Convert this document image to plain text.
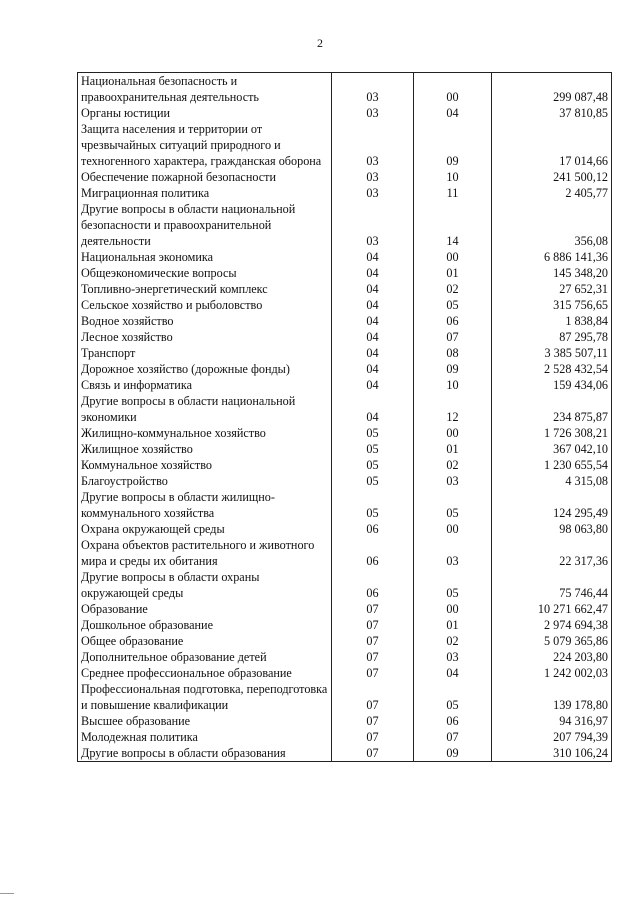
2
Национальная безопасность и правоохранительная деятельность	03	00	299 087,48
Органы юстиции	03	04	37 810,85
Защита населения и территории от чрезвычайных ситуаций природного и техногенного характера, гражданская оборона	03	09	17 014,66
Обеспечение пожарной безопасности	03	10	241 500,12
Миграционная политика	03	11	2 405,77
Другие вопросы в области национальной безопасности и правоохранительной деятельности	03	14	356,08
Национальная экономика	04	00	6 886 141,36
Общеэкономические вопросы	04	01	145 348,20
Топливно-энергетический комплекс	04	02	27 652,31
Сельское хозяйство и рыболовство	04	05	315 756,65
Водное хозяйство	04	06	1 838,84
Лесное хозяйство	04	07	87 295,78
Транспорт	04	08	3 385 507,11
Дорожное хозяйство (дорожные фонды)	04	09	2 528 432,54
Связь и информатика	04	10	159 434,06
Другие вопросы в области национальной экономики	04	12	234 875,87
Жилищно-коммунальное хозяйство	05	00	1 726 308,21
Жилищное хозяйство	05	01	367 042,10
Коммунальное хозяйство	05	02	1 230 655,54
Благоустройство	05	03	4 315,08
Другие вопросы в области жилищно-коммунального хозяйства	05	05	124 295,49
Охрана окружающей среды	06	00	98 063,80
Охрана объектов растительного и животного мира и среды их обитания	06	03	22 317,36
Другие вопросы в области охраны окружающей среды	06	05	75 746,44
Образование	07	00	10 271 662,47
Дошкольное образование	07	01	2 974 694,38
Общее образование	07	02	5 079 365,86
Дополнительное образование детей	07	03	224 203,80
Среднее профессиональное образование	07	04	1 242 002,03
Профессиональная подготовка, переподготовка и повышение квалификации	07	05	139 178,80
Высшее образование	07	06	94 316,97
Молодежная политика	07	07	207 794,39
Другие вопросы в области образования	07	09	310 106,24
